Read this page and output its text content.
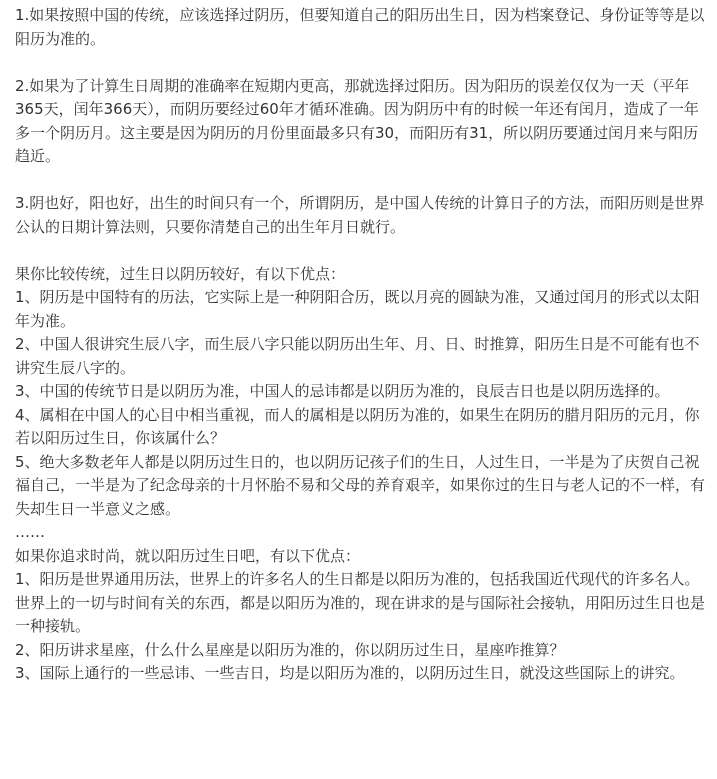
1.如果按照中国的传统，应该选择过阴历，但要知道自己的阳历出生日，因为档案登记、身份证等等是以阳历为准的。

2.如果为了计算生日周期的准确率在短期内更高，那就选择过阳历。因为阳历的误差仅仅为一天（平年365天，闰年366天），而阴历要经过60年才循环准确。因为阴历中有的时候一年还有闰月，造成了一年多一个阴历月。这主要是因为阴历的月份里面最多只有30，而阳历有31，所以阴历要通过闰月来与阳历趋近。

3.阴也好，阳也好，出生的时间只有一个，所谓阴历，是中国人传统的计算日子的方法，而阳历则是世界公认的日期计算法则，只要你清楚自己的出生年月日就行。

果你比较传统，过生日以阴历较好，有以下优点：

1、阴历是中国特有的历法，它实际上是一种阴阳合历，既以月亮的圆缺为准，又通过闰月的形式以太阳年为准。

2、中国人很讲究生辰八字，而生辰八字只能以阴历出生年、月、日、时推算，阳历生日是不可能有也不讲究生辰八字的。

3、中国的传统节日是以阴历为准，中国人的忌讳都是以阴历为准的，良辰吉日也是以阴历选择的。

4、属相在中国人的心目中相当重视，而人的属相是以阴历为准的，如果生在阴历的腊月阳历的元月，你若以阳历过生日，你该属什么？

5、绝大多数老年人都是以阴历过生日的，也以阴历记孩子们的生日，人过生日，一半是为了庆贺自己祝福自己，一半是为了纪念母亲的十月怀胎不易和父母的养育艰辛，如果你过的生日与老人记的不一样，有失却生日一半意义之感。

……

如果你追求时尚，就以阳历过生日吧，有以下优点：

1、阳历是世界通用历法，世界上的许多名人的生日都是以阳历为准的，包括我国近代现代的许多名人。世界上的一切与时间有关的东西，都是以阳历为准的，现在讲求的是与国际社会接轨，用阳历过生日也是一种接轨。

2、阳历讲求星座，什么什么星座是以阳历为准的，你以阴历过生日，星座咋推算？

3、国际上通行的一些忌讳、一些吉日，均是以阳历为准的，以阴历过生日，就没这些国际上的讲究。
